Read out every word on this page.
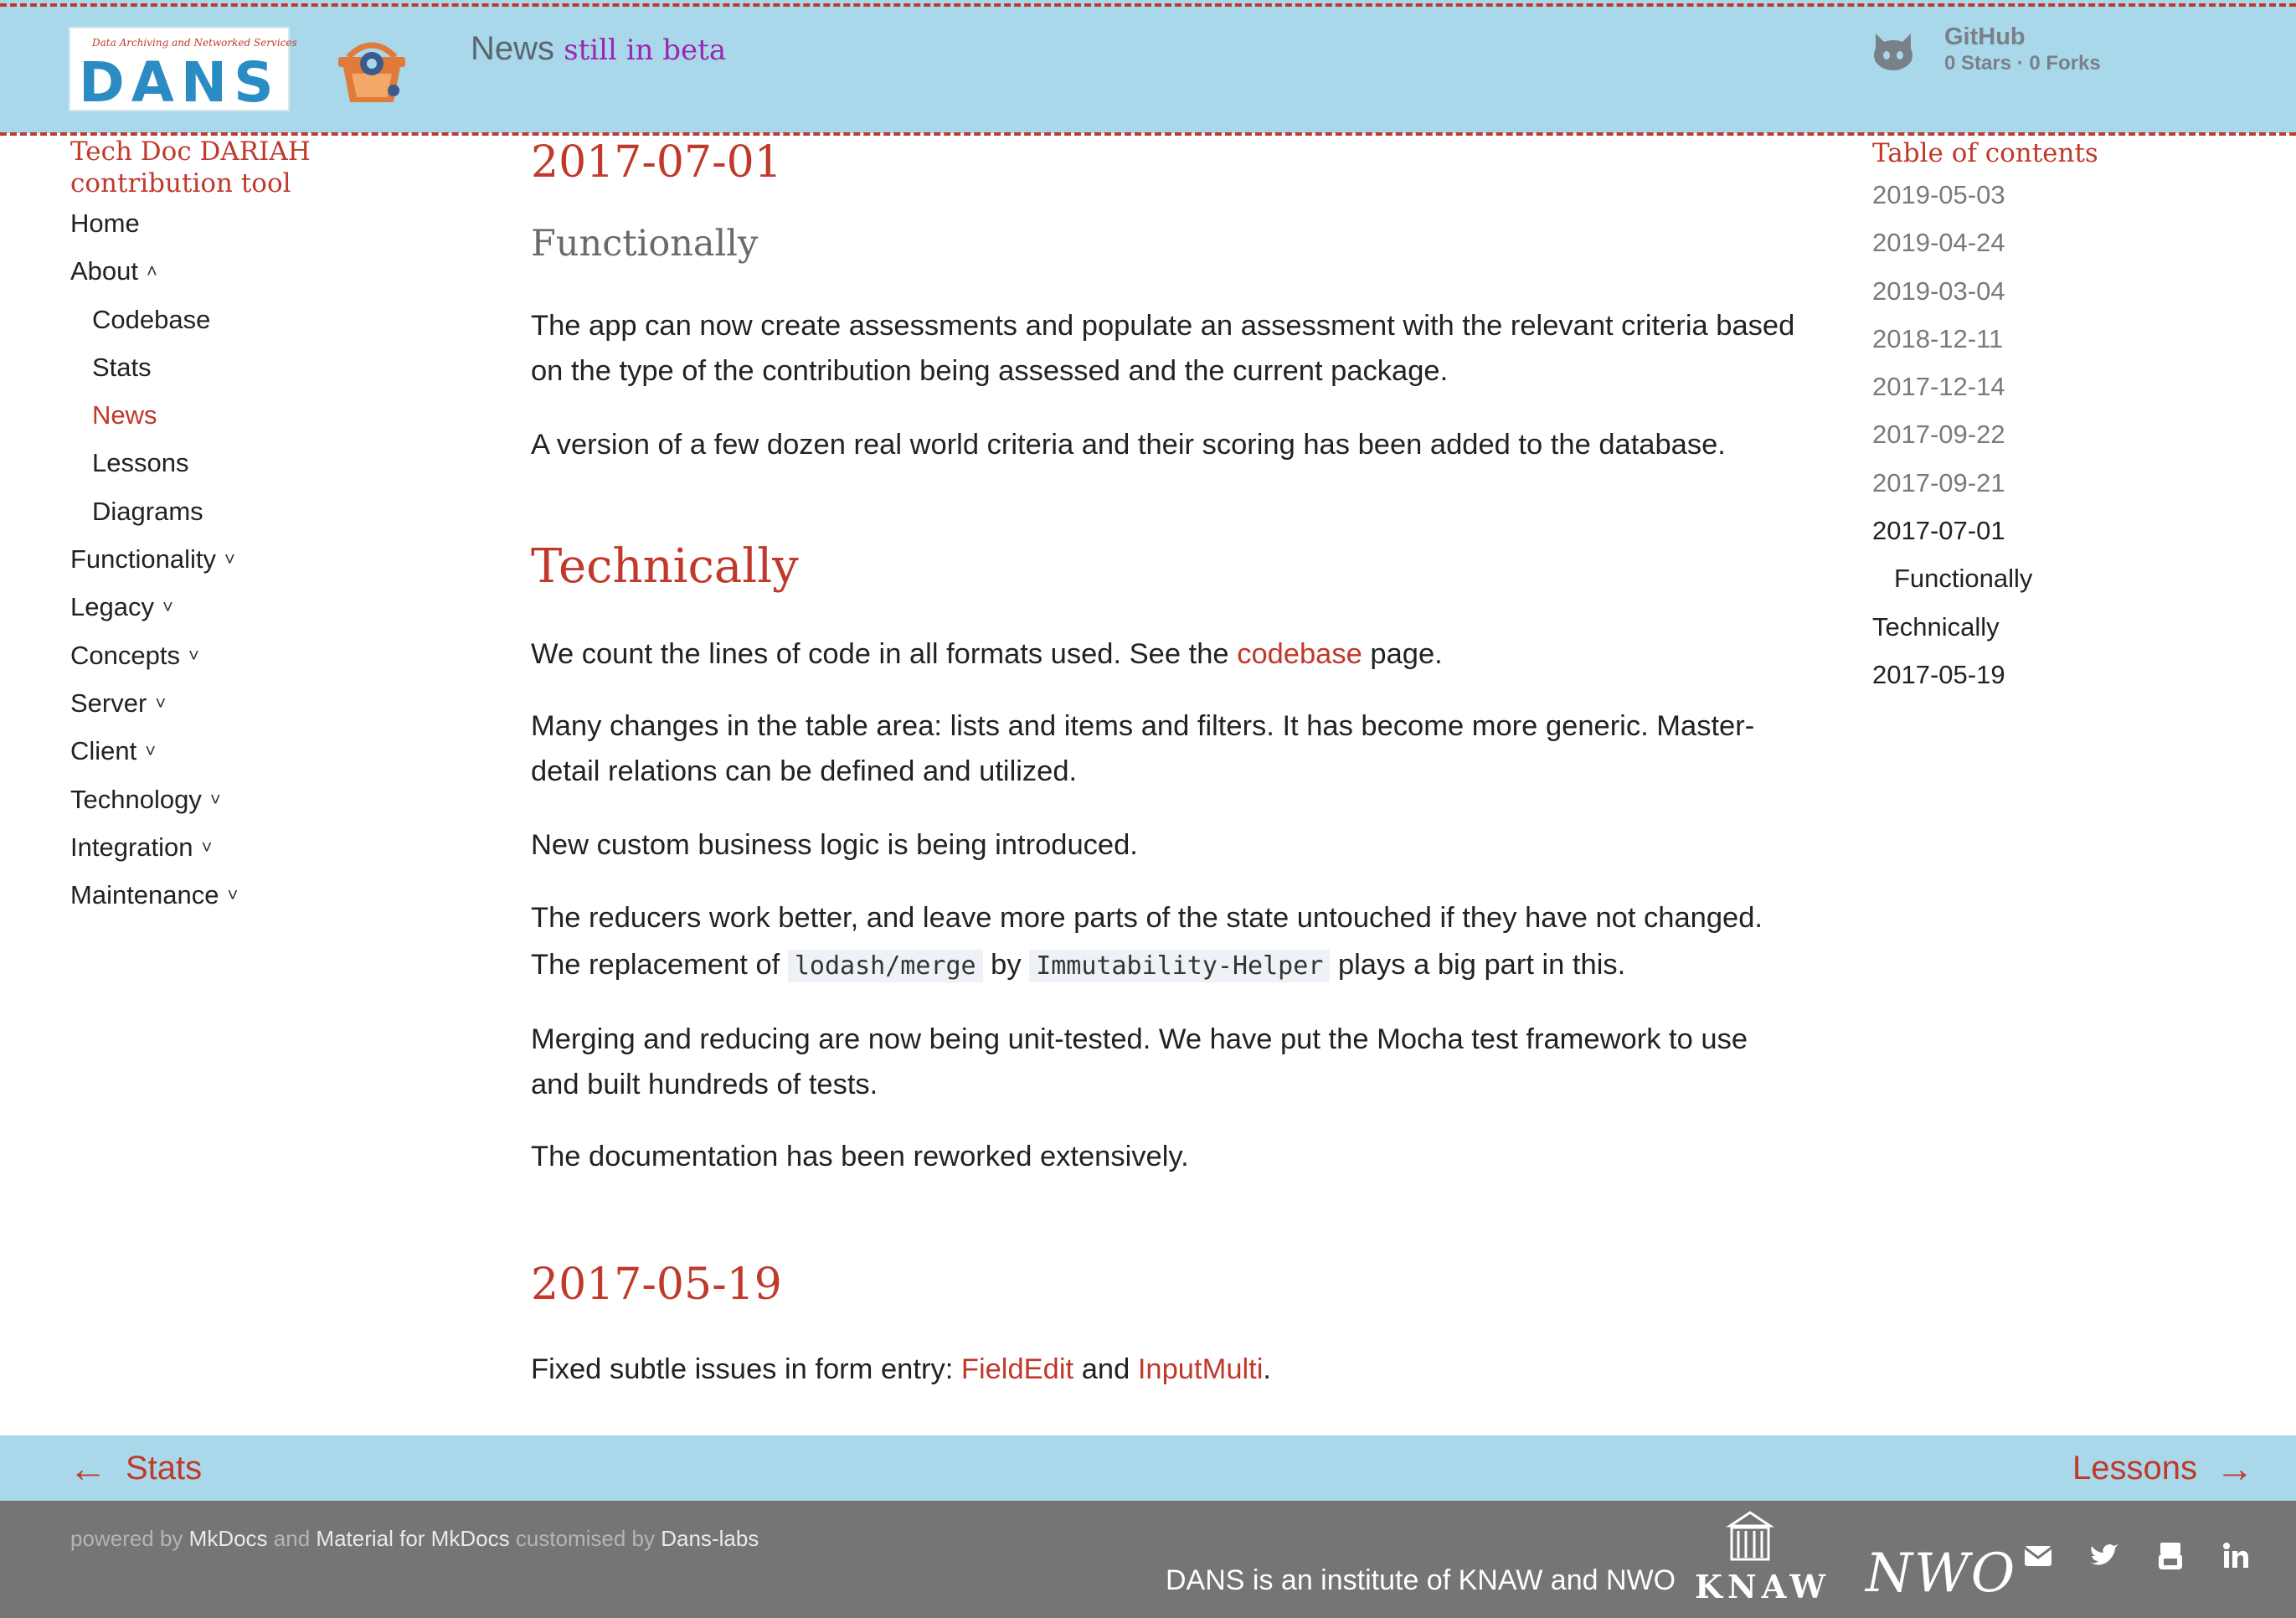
Data Archiving and Networked Services
DANS
News still in beta	GitHub
0 Stars · 0 Forks
Tech Doc DARIAH contribution tool
Home
About ˄
Codebase
Stats
News
Lessons
Diagrams
Functionality ˅
Legacy ˅
Concepts ˅
Server ˅
Client ˅
Technology ˅
Integration ˅
Maintenance ˅
2017-07-01
Functionally
The app can now create assessments and populate an assessment with the relevant criteria based on the type of the contribution being assessed and the current package.
A version of a few dozen real world criteria and their scoring has been added to the database.
Technically
We count the lines of code in all formats used. See the codebase page.
Many changes in the table area: lists and items and filters. It has become more generic. Master-detail relations can be defined and utilized.
New custom business logic is being introduced.
The reducers work better, and leave more parts of the state untouched if they have not changed. The replacement of lodash/merge by Immutability-Helper plays a big part in this.
Merging and reducing are now being unit-tested. We have put the Mocha test framework to use and built hundreds of tests.
The documentation has been reworked extensively.
2017-05-19
Fixed subtle issues in form entry: FieldEdit and InputMulti.
Table of contents
2019-05-03
2019-04-24
2019-03-04
2018-12-11
2017-12-14
2017-09-22
2017-09-21
2017-07-01
Functionally
Technically
2017-05-19
← Stats	Lessons →
powered by MkDocs and Material for MkDocs customised by Dans-labs
DANS is an institute of KNAW and NWO KNAW NWO
